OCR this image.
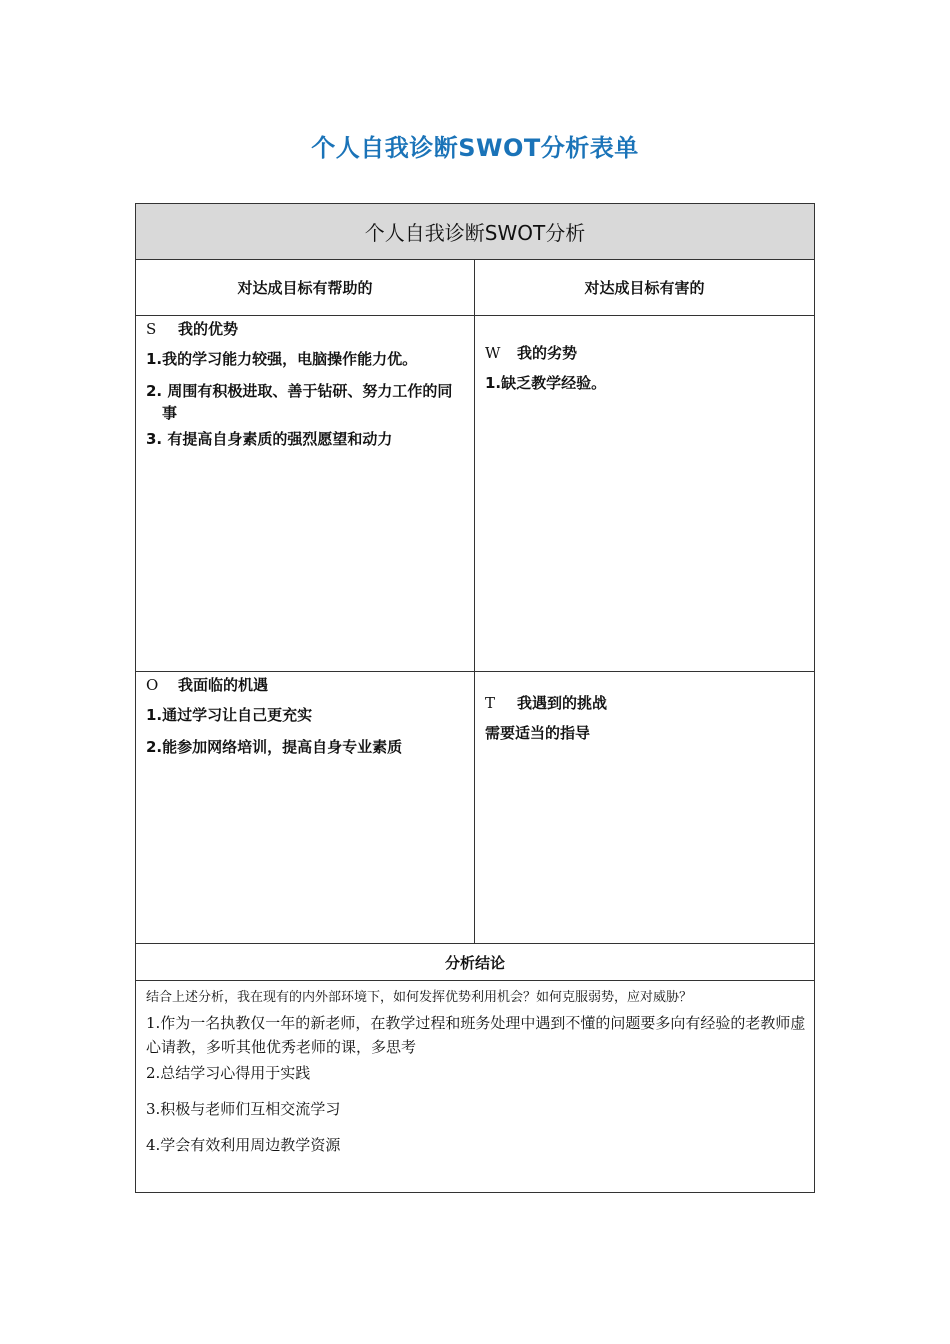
个人自我诊断SWOT分析表单
个人自我诊断SWOT分析
对达成目标有帮助的	对达成目标有害的

S 我的优势

1.我的学习能力较强，电脑操作能力优。

2. 周围有积极进取、善于钻研、努力工作的同事

3. 有提高自身素质的强烈愿望和动力

W 我的劣势

1.缺乏教学经验。

O 我面临的机遇

1.通过学习让自己更充实

2.能参加网络培训，提高自身专业素质

T 我遇到的挑战

需要适当的指导

分析结论

结合上述分析，我在现有的内外部环境下，如何发挥优势利用机会？如何克服弱势，应对威胁？

1.作为一名执教仅一年的新老师，在教学过程和班务处理中遇到不懂的问题要多向有经验的老教师虚心请教，多听其他优秀老师的课，多思考

2.总结学习心得用于实践

3.积极与老师们互相交流学习

4.学会有效利用周边教学资源
